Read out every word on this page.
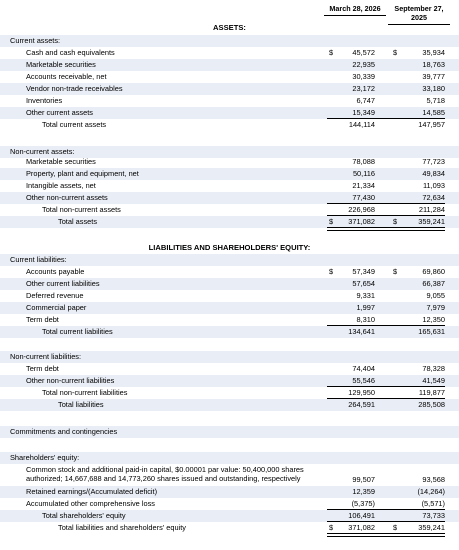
March 28, 2026	September 27, 2025
ASSETS:
LIABILITIES AND SHAREHOLDERS' EQUITY:
Current assets:
Cash and cash equivalents	45,572	35,934
$	$
Marketable securities	22,935	18,763
Accounts receivable, net	30,339	39,777
Vendor non-trade receivables	23,172	33,180
Inventories	6,747	5,718
Other current assets	15,349	14,585
Total current assets	144,114	147,957
Non-current assets:
Marketable securities	78,088	77,723
Property, plant and equipment, net	50,116	49,834
Intangible assets, net	21,334	11,093
Other non-current assets	77,430	72,634
Total non-current assets	226,968	211,284
Total assets	371,082	359,241
$	$
Current liabilities:
Accounts payable	57,349	69,860
$	$
Other current liabilities	57,654	66,387
Deferred revenue	9,331	9,055
Commercial paper	1,997	7,979
Term debt	8,310	12,350
Total current liabilities	134,641	165,631
Non-current liabilities:
Term debt	74,404	78,328
Other non-current liabilities	55,546	41,549
Total non-current liabilities	129,950	119,877
Total liabilities	264,591	285,508
Commitments and contingencies
Shareholders' equity:
Common stock and additional paid-in capital, $0.00001 par value: 50,400,000 shares authorized; 14,667,688 and 14,773,260 shares issued and outstanding, respectively	99,507	93,568
Retained earnings/(Accumulated deficit)	12,359	(14,264)
Accumulated other comprehensive loss	(5,375)	(5,571)
Total shareholders' equity	106,491	73,733
Total liabilities and shareholders' equity	371,082	359,241
$	$
